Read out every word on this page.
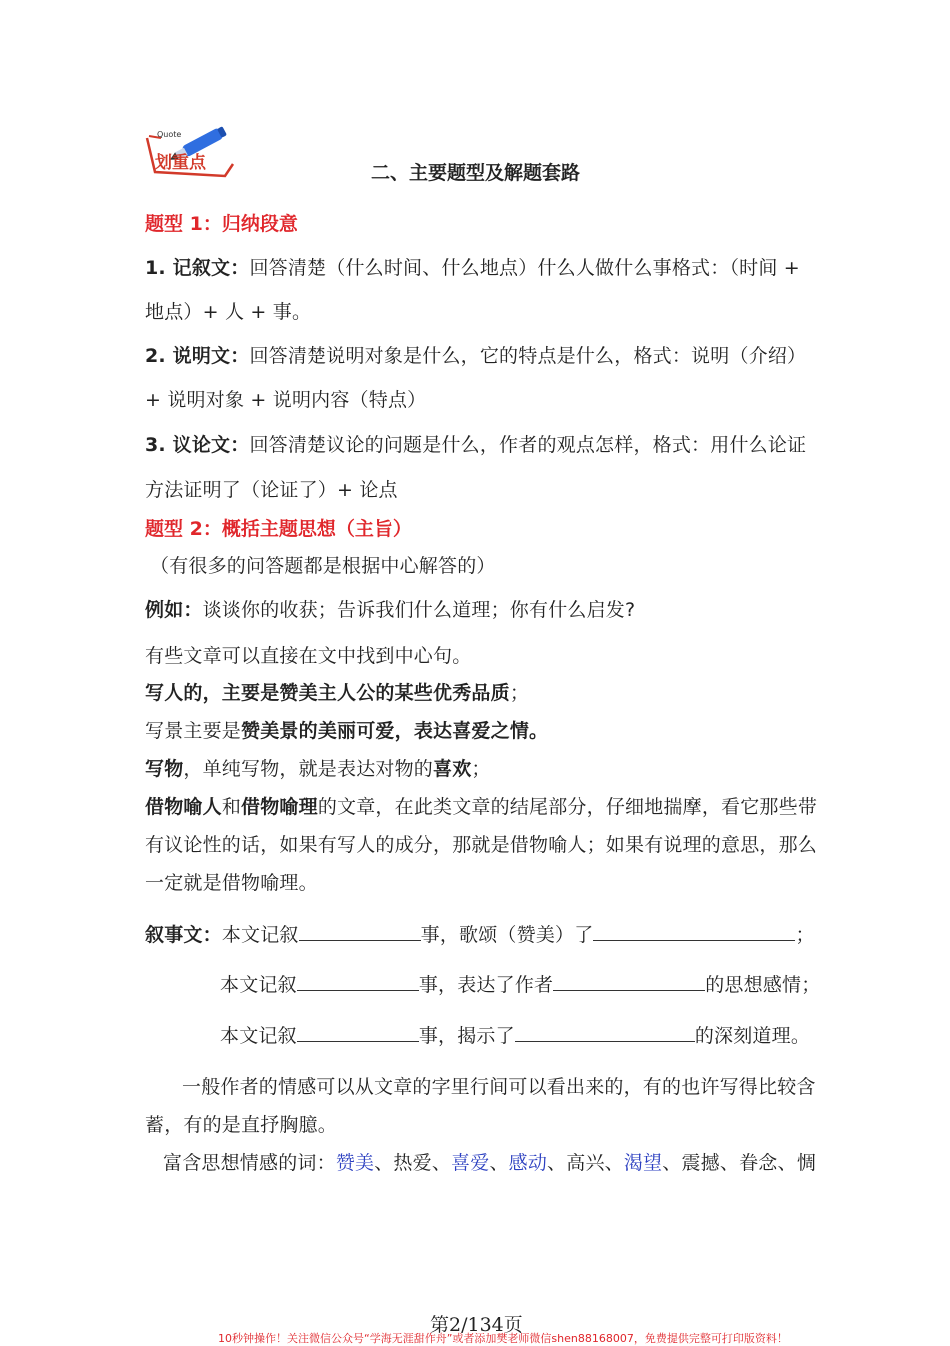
Quote
划重点	二、主要题型及解题套路
题型 1：归纳段意
1. 记叙文：回答清楚（什么时间、什么地点）什么人做什么事格式：（时间 +
地点）+ 人 + 事。
2. 说明文：回答清楚说明对象是什么，它的特点是什么，格式：说明（介绍）
+ 说明对象 + 说明内容（特点）
3. 议论文：回答清楚议论的问题是什么，作者的观点怎样，格式：用什么论证
方法证明了（论证了）+ 论点
题型 2：概括主题思想（主旨）
（有很多的问答题都是根据中心解答的）
例如：谈谈你的收获；告诉我们什么道理；你有什么启发?
有些文章可以直接在文中找到中心句。
写人的，主要是赞美主人公的某些优秀品质；
写景主要是赞美景的美丽可爱，表达喜爱之情。
写物，单纯写物，就是表达对物的喜欢；
借物喻人和借物喻理的文章，在此类文章的结尾部分，仔细地揣摩，看它那些带
有议论性的话，如果有写人的成分，那就是借物喻人；如果有说理的意思，那么
一定就是借物喻理。
叙事文：本文记叙	事，歌颂（赞美）了	；
本文记叙	事，表达了作者	的思想感情；
本文记叙	事，揭示了	的深刻道理。
一般作者的情感可以从文章的字里行间可以看出来的，有的也许写得比较含
蓄，有的是直抒胸臆。
富含思想情感的词：赞美、热爱、喜爱、感动、高兴、渴望、震撼、眷念、惆
第2/134页
10秒钟操作！关注微信公众号“学海无涯甜作舟”或者添加樊老师微信shen88168007，免费提供完整可打印版资料！
